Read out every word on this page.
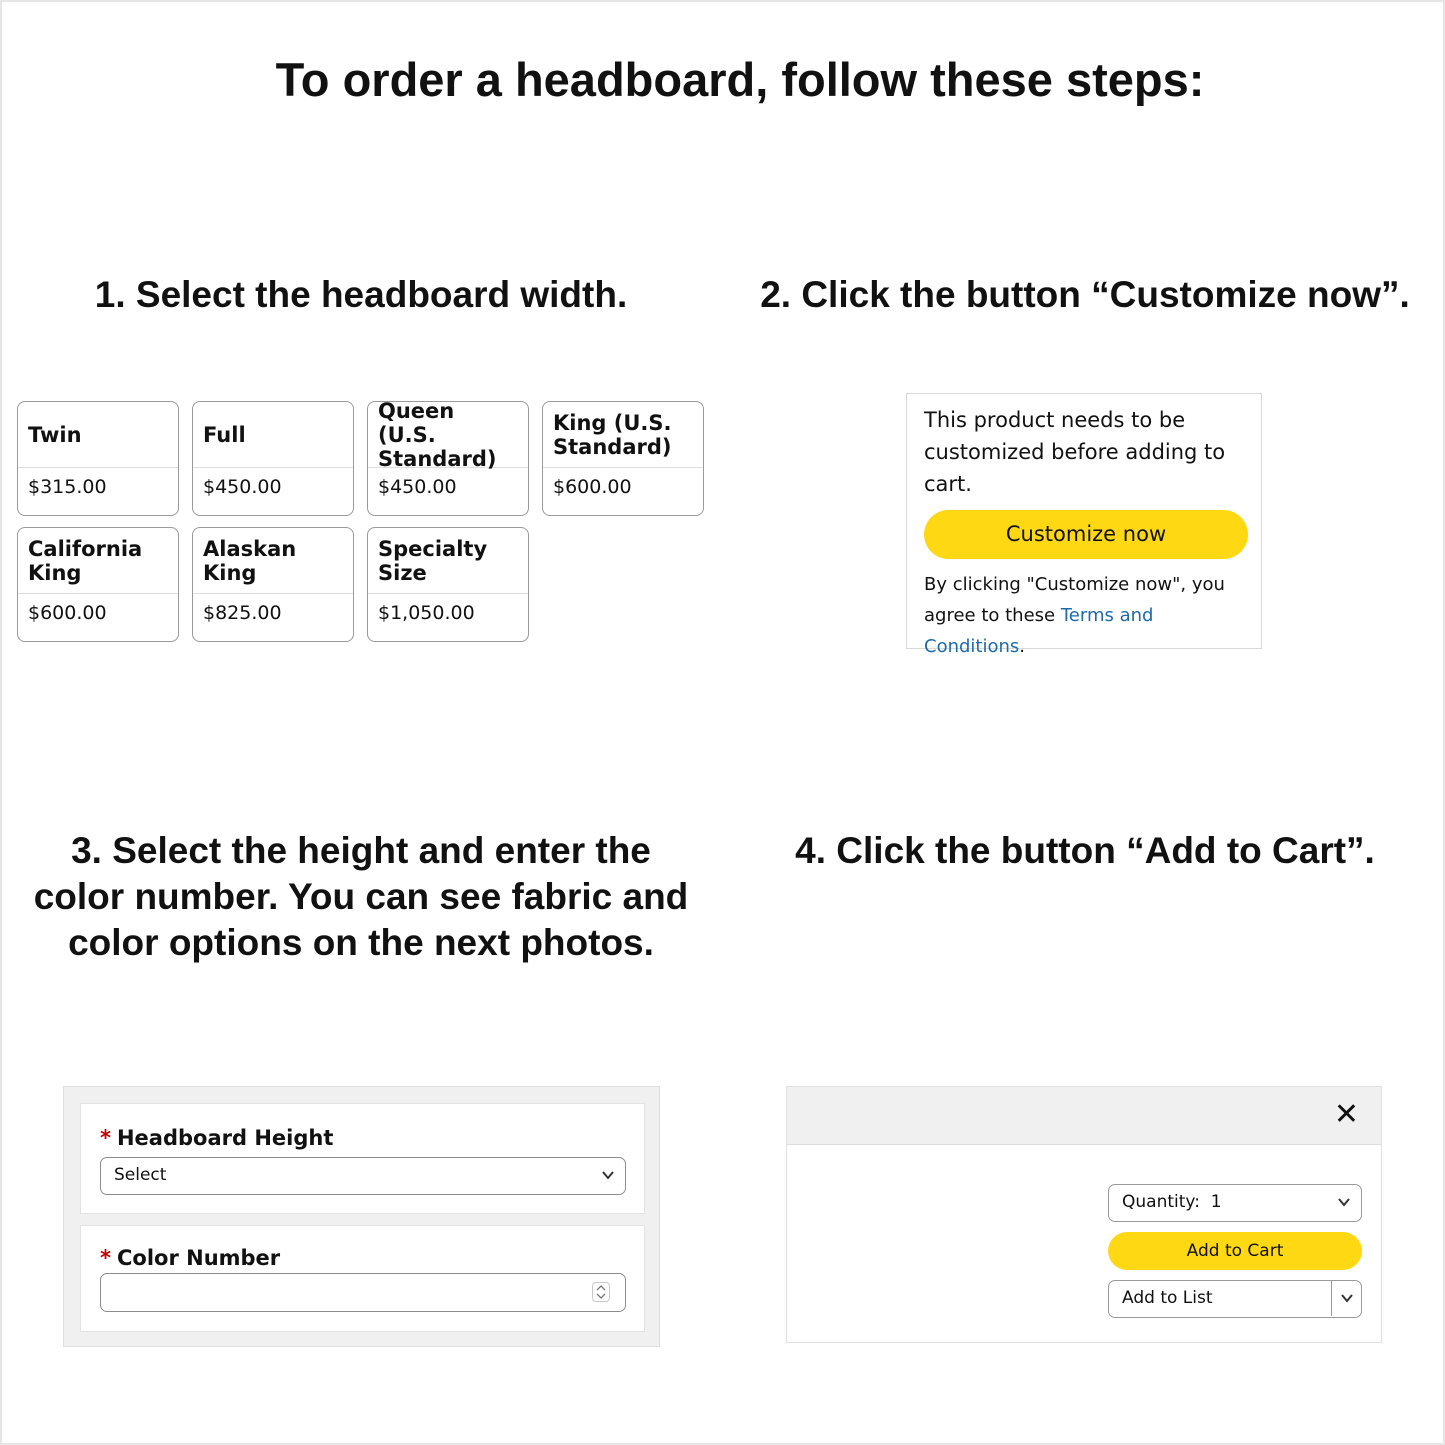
To order a headboard, follow these steps:
1. Select the headboard width.	2. Click the button “Customize now”.
3. Select the height and enter the
color number. You can see fabric and
color options on the next photos.
4. Click the button “Add to Cart”.
Twin
$315.00
Full
$450.00
Queen (U.S. Standard)
$450.00
King (U.S. Standard)
$600.00
California King
$600.00
Alaskan King
$825.00
Specialty Size
$1,050.00
This product needs to be customized before adding to cart.
Customize now
By clicking "Customize now", you agree to these Terms and Conditions.
* Headboard Height
Select
* Color Number
✕
Quantity: 1
Add to Cart
Add to List
